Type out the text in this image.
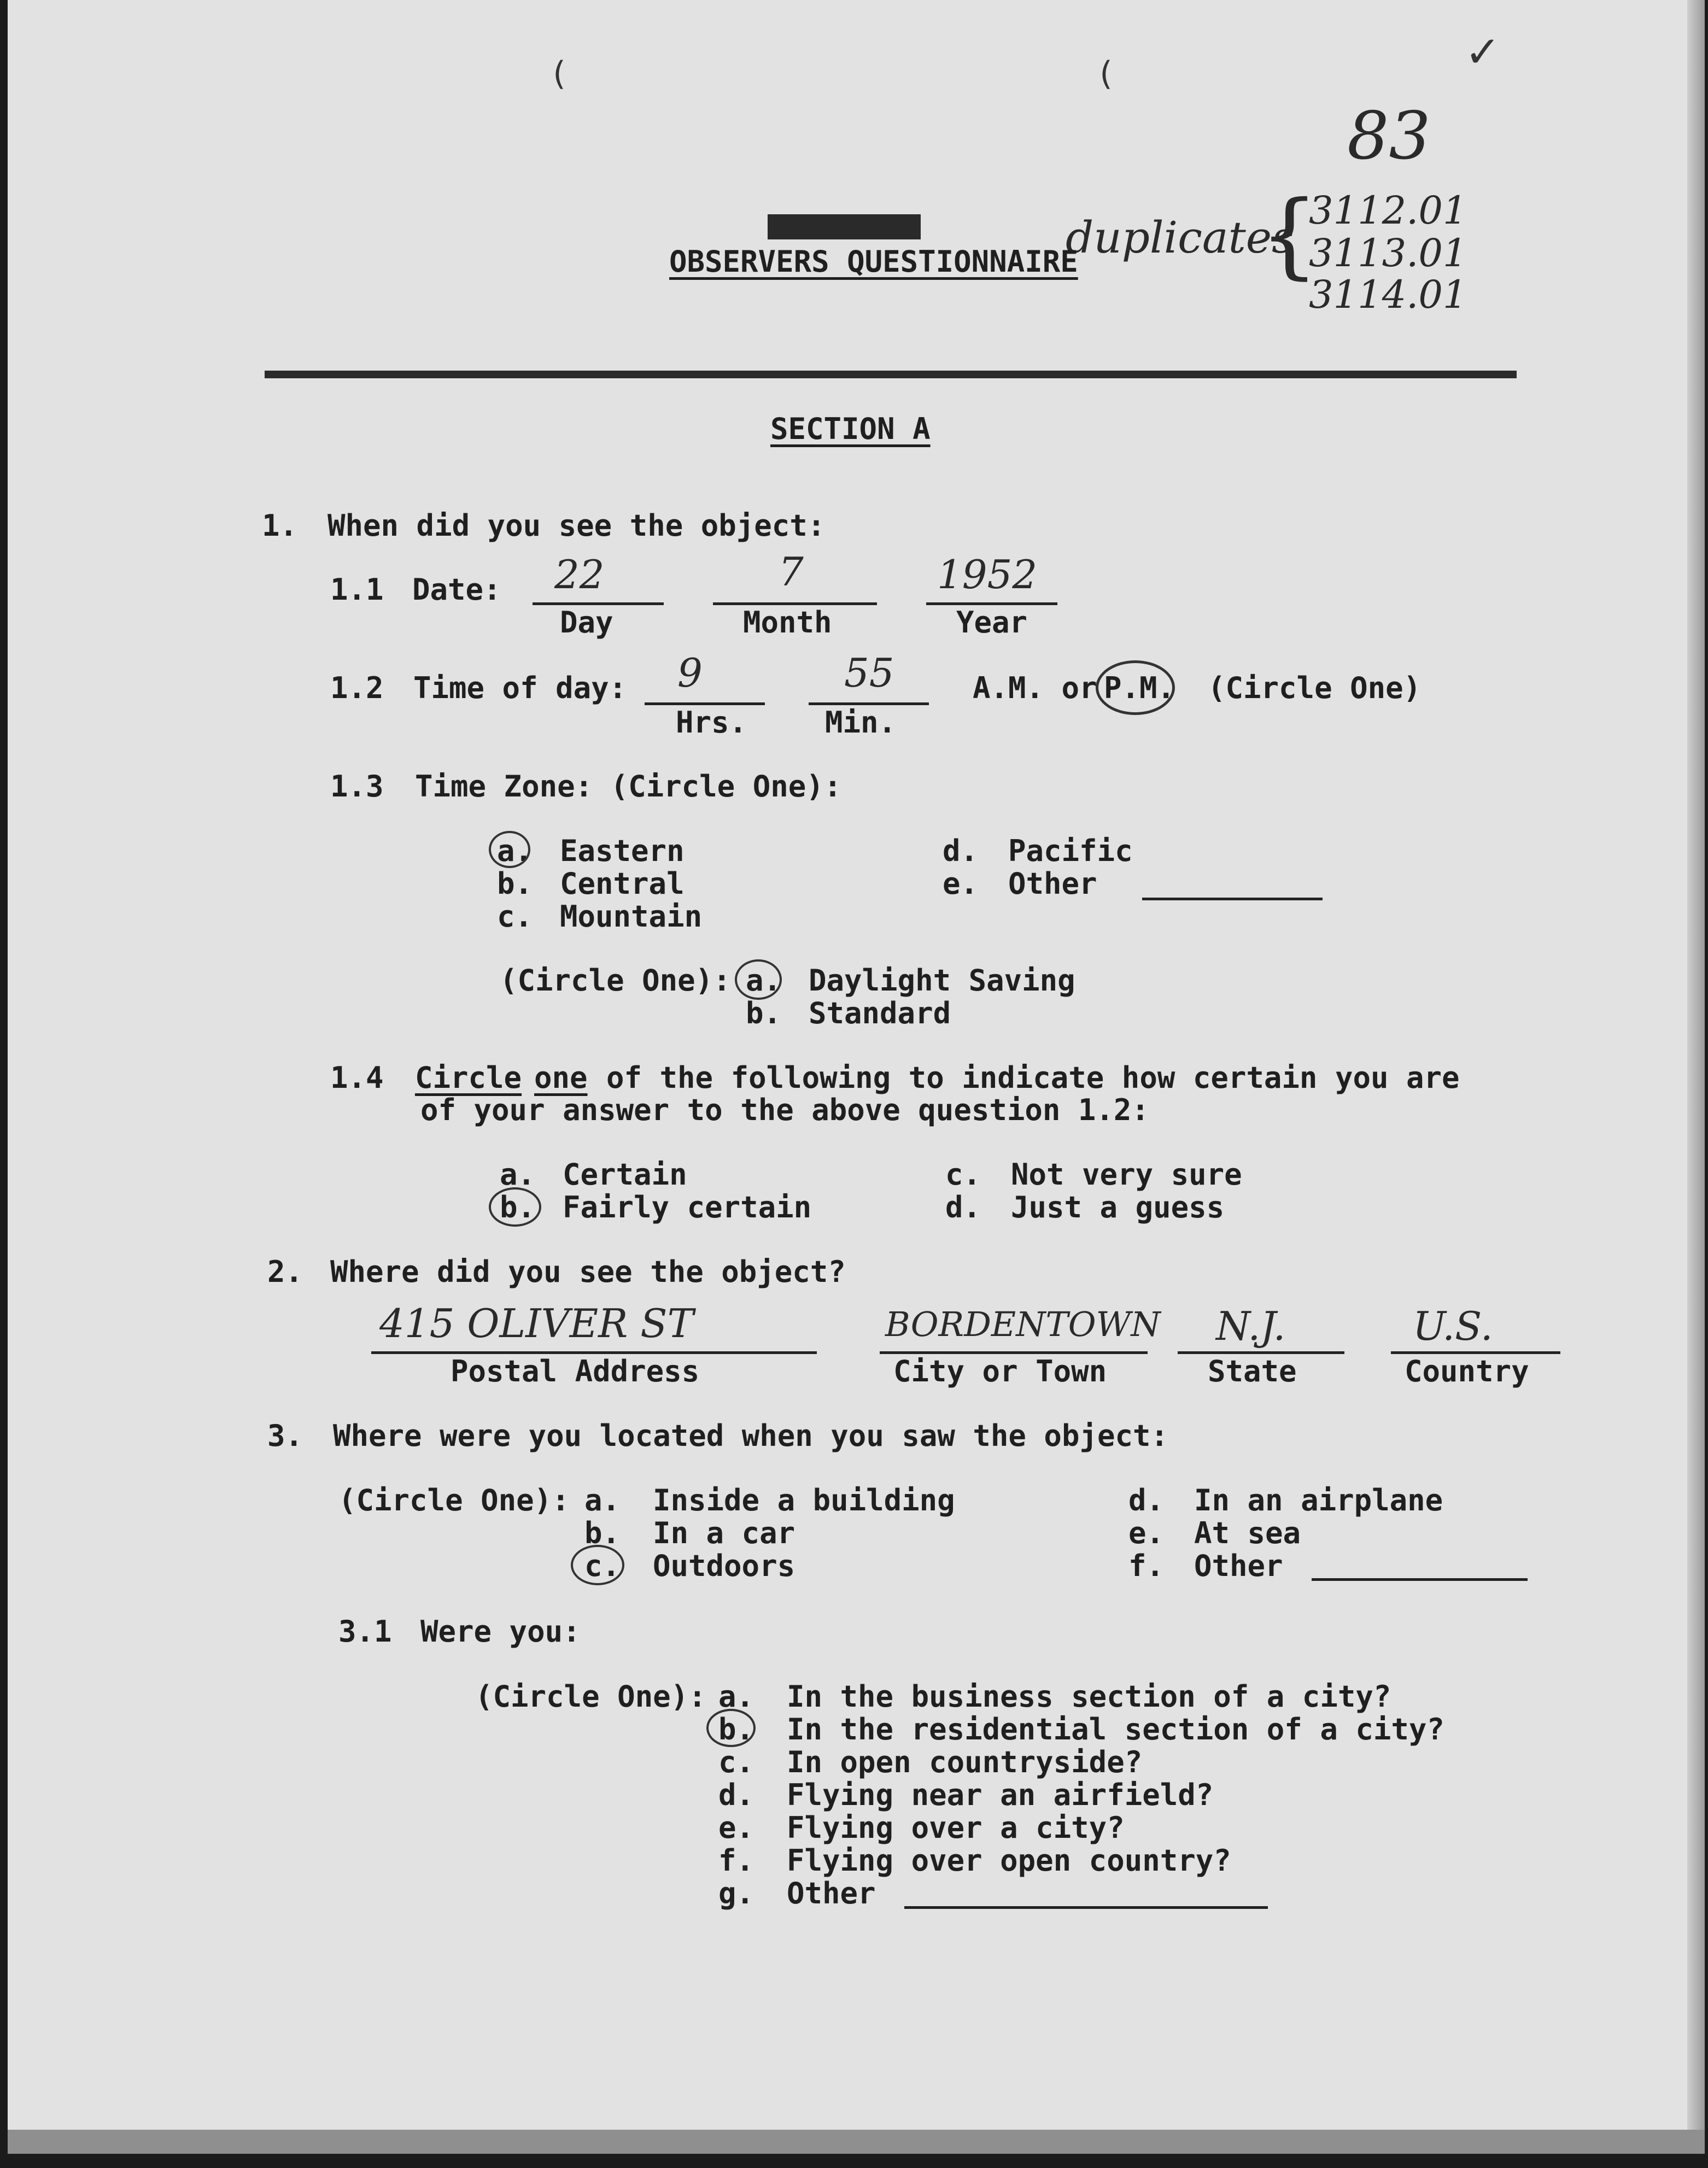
(	(	✓
83
duplicates
{
3112.01
3113.01
3114.01
OBSERVERS QUESTIONNAIRE
SECTION A
1. When did you see the object:
1.1 Date: 22
Day
7
Month
1952
Year
1.2 Time of day: 9
Hrs.
55
Min.
A.M. or P.M. (Circle One)
1.3 Time Zone: (Circle One):
a. Eastern
b. Central
c. Mountain
d. Pacific
e. Other
(Circle One): a. Daylight Saving
b. Standard
1.4 Circle one of the following to indicate how certain you are
of your answer to the above question 1.2:
a. Certain
b. Fairly certain
c. Not very sure
d. Just a guess
2. Where did you see the object?
415 OLIVER ST
Postal Address
BORDENTOWN
City or Town
N.J.
State
U.S.
Country
3. Where were you located when you saw the object:
(Circle One): a. Inside a building
b. In a car
c. Outdoors
d. In an airplane
e. At sea
f. Other
3.1 Were you:
(Circle One): a. In the business section of a city?
b. In the residential section of a city?
c. In open countryside?
d. Flying near an airfield?
e. Flying over a city?
f. Flying over open country?
g. Other
